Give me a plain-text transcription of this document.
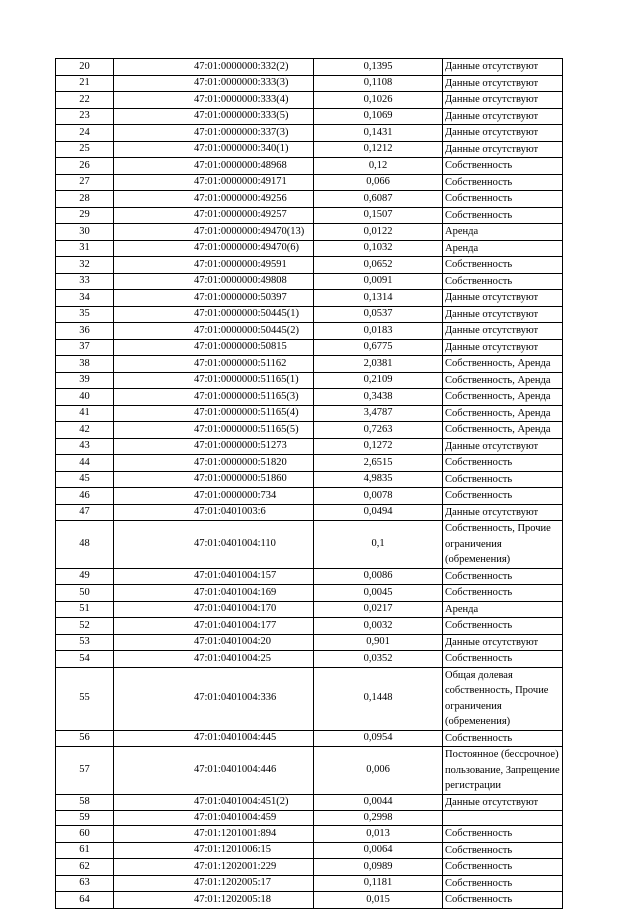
20	47:01:0000000:332(2)	0,1395	Данные отсутствуют
21	47:01:0000000:333(3)	0,1108	Данные отсутствуют
22	47:01:0000000:333(4)	0,1026	Данные отсутствуют
23	47:01:0000000:333(5)	0,1069	Данные отсутствуют
24	47:01:0000000:337(3)	0,1431	Данные отсутствуют
25	47:01:0000000:340(1)	0,1212	Данные отсутствуют
26	47:01:0000000:48968	0,12	Собственность
27	47:01:0000000:49171	0,066	Собственность
28	47:01:0000000:49256	0,6087	Собственность
29	47:01:0000000:49257	0,1507	Собственность
30	47:01:0000000:49470(13)	0,0122	Аренда
31	47:01:0000000:49470(6)	0,1032	Аренда
32	47:01:0000000:49591	0,0652	Собственность
33	47:01:0000000:49808	0,0091	Собственность
34	47:01:0000000:50397	0,1314	Данные отсутствуют
35	47:01:0000000:50445(1)	0,0537	Данные отсутствуют
36	47:01:0000000:50445(2)	0,0183	Данные отсутствуют
37	47:01:0000000:50815	0,6775	Данные отсутствуют
38	47:01:0000000:51162	2,0381	Собственность, Аренда
39	47:01:0000000:51165(1)	0,2109	Собственность, Аренда
40	47:01:0000000:51165(3)	0,3438	Собственность, Аренда
41	47:01:0000000:51165(4)	3,4787	Собственность, Аренда
42	47:01:0000000:51165(5)	0,7263	Собственность, Аренда
43	47:01:0000000:51273	0,1272	Данные отсутствуют
44	47:01:0000000:51820	2,6515	Собственность
45	47:01:0000000:51860	4,9835	Собственность
46	47:01:0000000:734	0,0078	Собственность
47	47:01:0401003:6	0,0494	Данные отсутствуют
48	47:01:0401004:110	0,1	Собственность, Прочие ограничения (обременения)
49	47:01:0401004:157	0,0086	Собственность
50	47:01:0401004:169	0,0045	Собственность
51	47:01:0401004:170	0,0217	Аренда
52	47:01:0401004:177	0,0032	Собственность
53	47:01:0401004:20	0,901	Данные отсутствуют
54	47:01:0401004:25	0,0352	Собственность
55	47:01:0401004:336	0,1448	Общая долевая собственность, Прочие ограничения (обременения)
56	47:01:0401004:445	0,0954	Собственность
57	47:01:0401004:446	0,006	Постоянное (бессрочное) пользование, Запрещение регистрации
58	47:01:0401004:451(2)	0,0044	Данные отсутствуют
59	47:01:0401004:459	0,2998	
60	47:01:1201001:894	0,013	Собственность
61	47:01:1201006:15	0,0064	Собственность
62	47:01:1202001:229	0,0989	Собственность
63	47:01:1202005:17	0,1181	Собственность
64	47:01:1202005:18	0,015	Собственность
